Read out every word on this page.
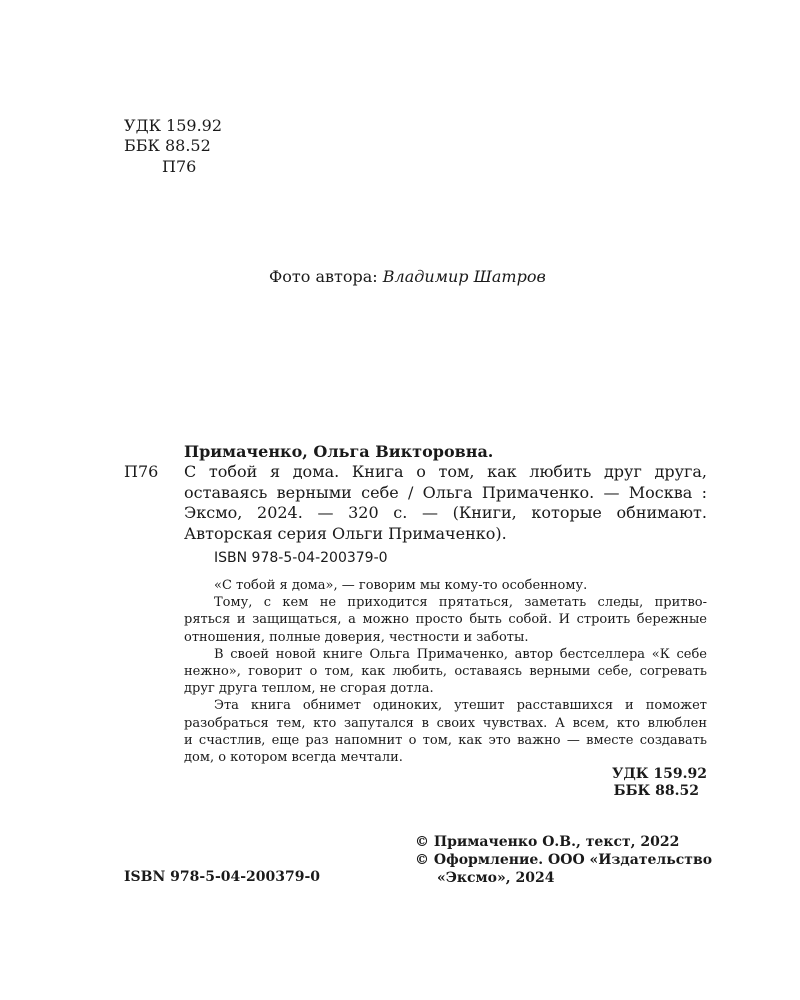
УДК 159.92
ББК 88.52
П76
Фото автора: Владимир Шатров
Примаченко, Ольга Викторовна.
П76 С тобой я дома. Книга о том, как любить друг друга,
оставаясь верными себе / Ольга Примаченко. — Москва :
Эксмо, 2024. — 320 с. — (Книги, которые обнимают.
Авторская серия Ольги Примаченко).
ISBN 978-5-04-200379-0
«С тобой я дома», — говорим мы кому-то особенному.
Тому, с кем не приходится прятаться, заметать следы, притво-
ряться и защищаться, а можно просто быть собой. И строить бережные
отношения, полные доверия, честности и заботы.
В своей новой книге Ольга Примаченко, автор бестселлера «К себе
нежно», говорит о том, как любить, оставаясь верными себе, согревать
друг друга теплом, не сгорая дотла.
Эта книга обнимет одиноких, утешит расставшихся и поможет
разобраться тем, кто запутался в своих чувствах. А всем, кто влюблен
и счастлив, еще раз напомнит о том, как это важно — вместе создавать
дом, о котором всегда мечтали.
УДК 159.92
ББК 88.52
ISBN 978-5-04-200379-0
© Примаченко О.В., текст, 2022
© Оформление. ООО «Издательство
«Эксмо», 2024
